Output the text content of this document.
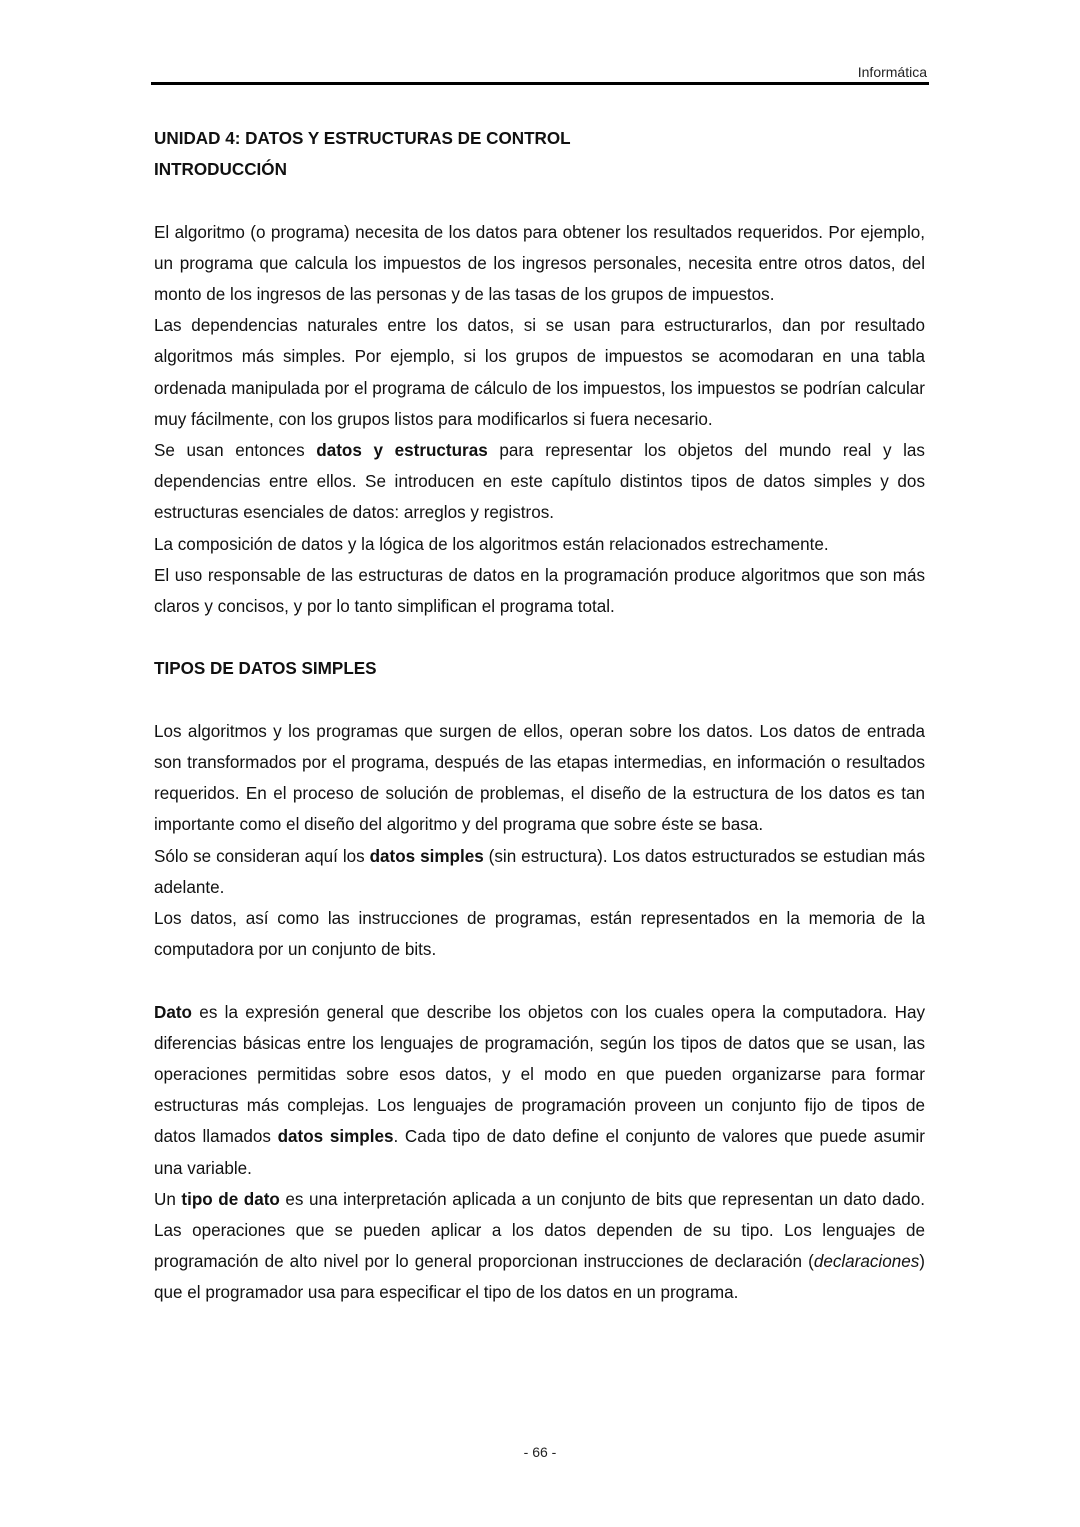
Informática
UNIDAD 4: DATOS Y ESTRUCTURAS DE CONTROL
INTRODUCCIÓN

El algoritmo (o programa) necesita de los datos para obtener los resultados requeridos. Por ejemplo, un programa que calcula los impuestos de los ingresos personales, necesita entre otros datos, del monto de los ingresos de las personas y de las tasas de los grupos de impuestos.

Las dependencias naturales entre los datos, si se usan para estructurarlos, dan por resultado algoritmos más simples. Por ejemplo, si los grupos de impuestos se acomodaran en una tabla ordenada manipulada por el programa de cálculo de los impuestos, los impuestos se podrían calcular muy fácilmente, con los grupos listos para modificarlos si fuera necesario.

Se usan entonces datos y estructuras para representar los objetos del mundo real y las dependencias entre ellos. Se introducen en este capítulo distintos tipos de datos simples y dos estructuras esenciales de datos: arreglos y registros.

La composición de datos y la lógica de los algoritmos están relacionados estrechamente.

El uso responsable de las estructuras de datos en la programación produce algoritmos que son más claros y concisos, y por lo tanto simplifican el programa total.

TIPOS DE DATOS SIMPLES

Los algoritmos y los programas que surgen de ellos, operan sobre los datos. Los datos de entrada son transformados por el programa, después de las etapas intermedias, en información o resultados requeridos. En el proceso de solución de problemas, el diseño de la estructura de los datos es tan importante como el diseño del algoritmo y del programa que sobre éste se basa.

Sólo se consideran aquí los datos simples (sin estructura). Los datos estructurados se estudian más adelante.

Los datos, así como las instrucciones de programas, están representados en la memoria de la computadora por un conjunto de bits.

Dato es la expresión general que describe los objetos con los cuales opera la computadora. Hay diferencias básicas entre los lenguajes de programación, según los tipos de datos que se usan, las operaciones permitidas sobre esos datos, y el modo en que pueden organizarse para formar estructuras más complejas. Los lenguajes de programación proveen un conjunto fijo de tipos de datos llamados datos simples. Cada tipo de dato define el conjunto de valores que puede asumir una variable.

Un tipo de dato es una interpretación aplicada a un conjunto de bits que representan un dato dado. Las operaciones que se pueden aplicar a los datos dependen de su tipo. Los lenguajes de programación de alto nivel por lo general proporcionan instrucciones de declaración (declaraciones) que el programador usa para especificar el tipo de los datos en un programa.

- 66 -
